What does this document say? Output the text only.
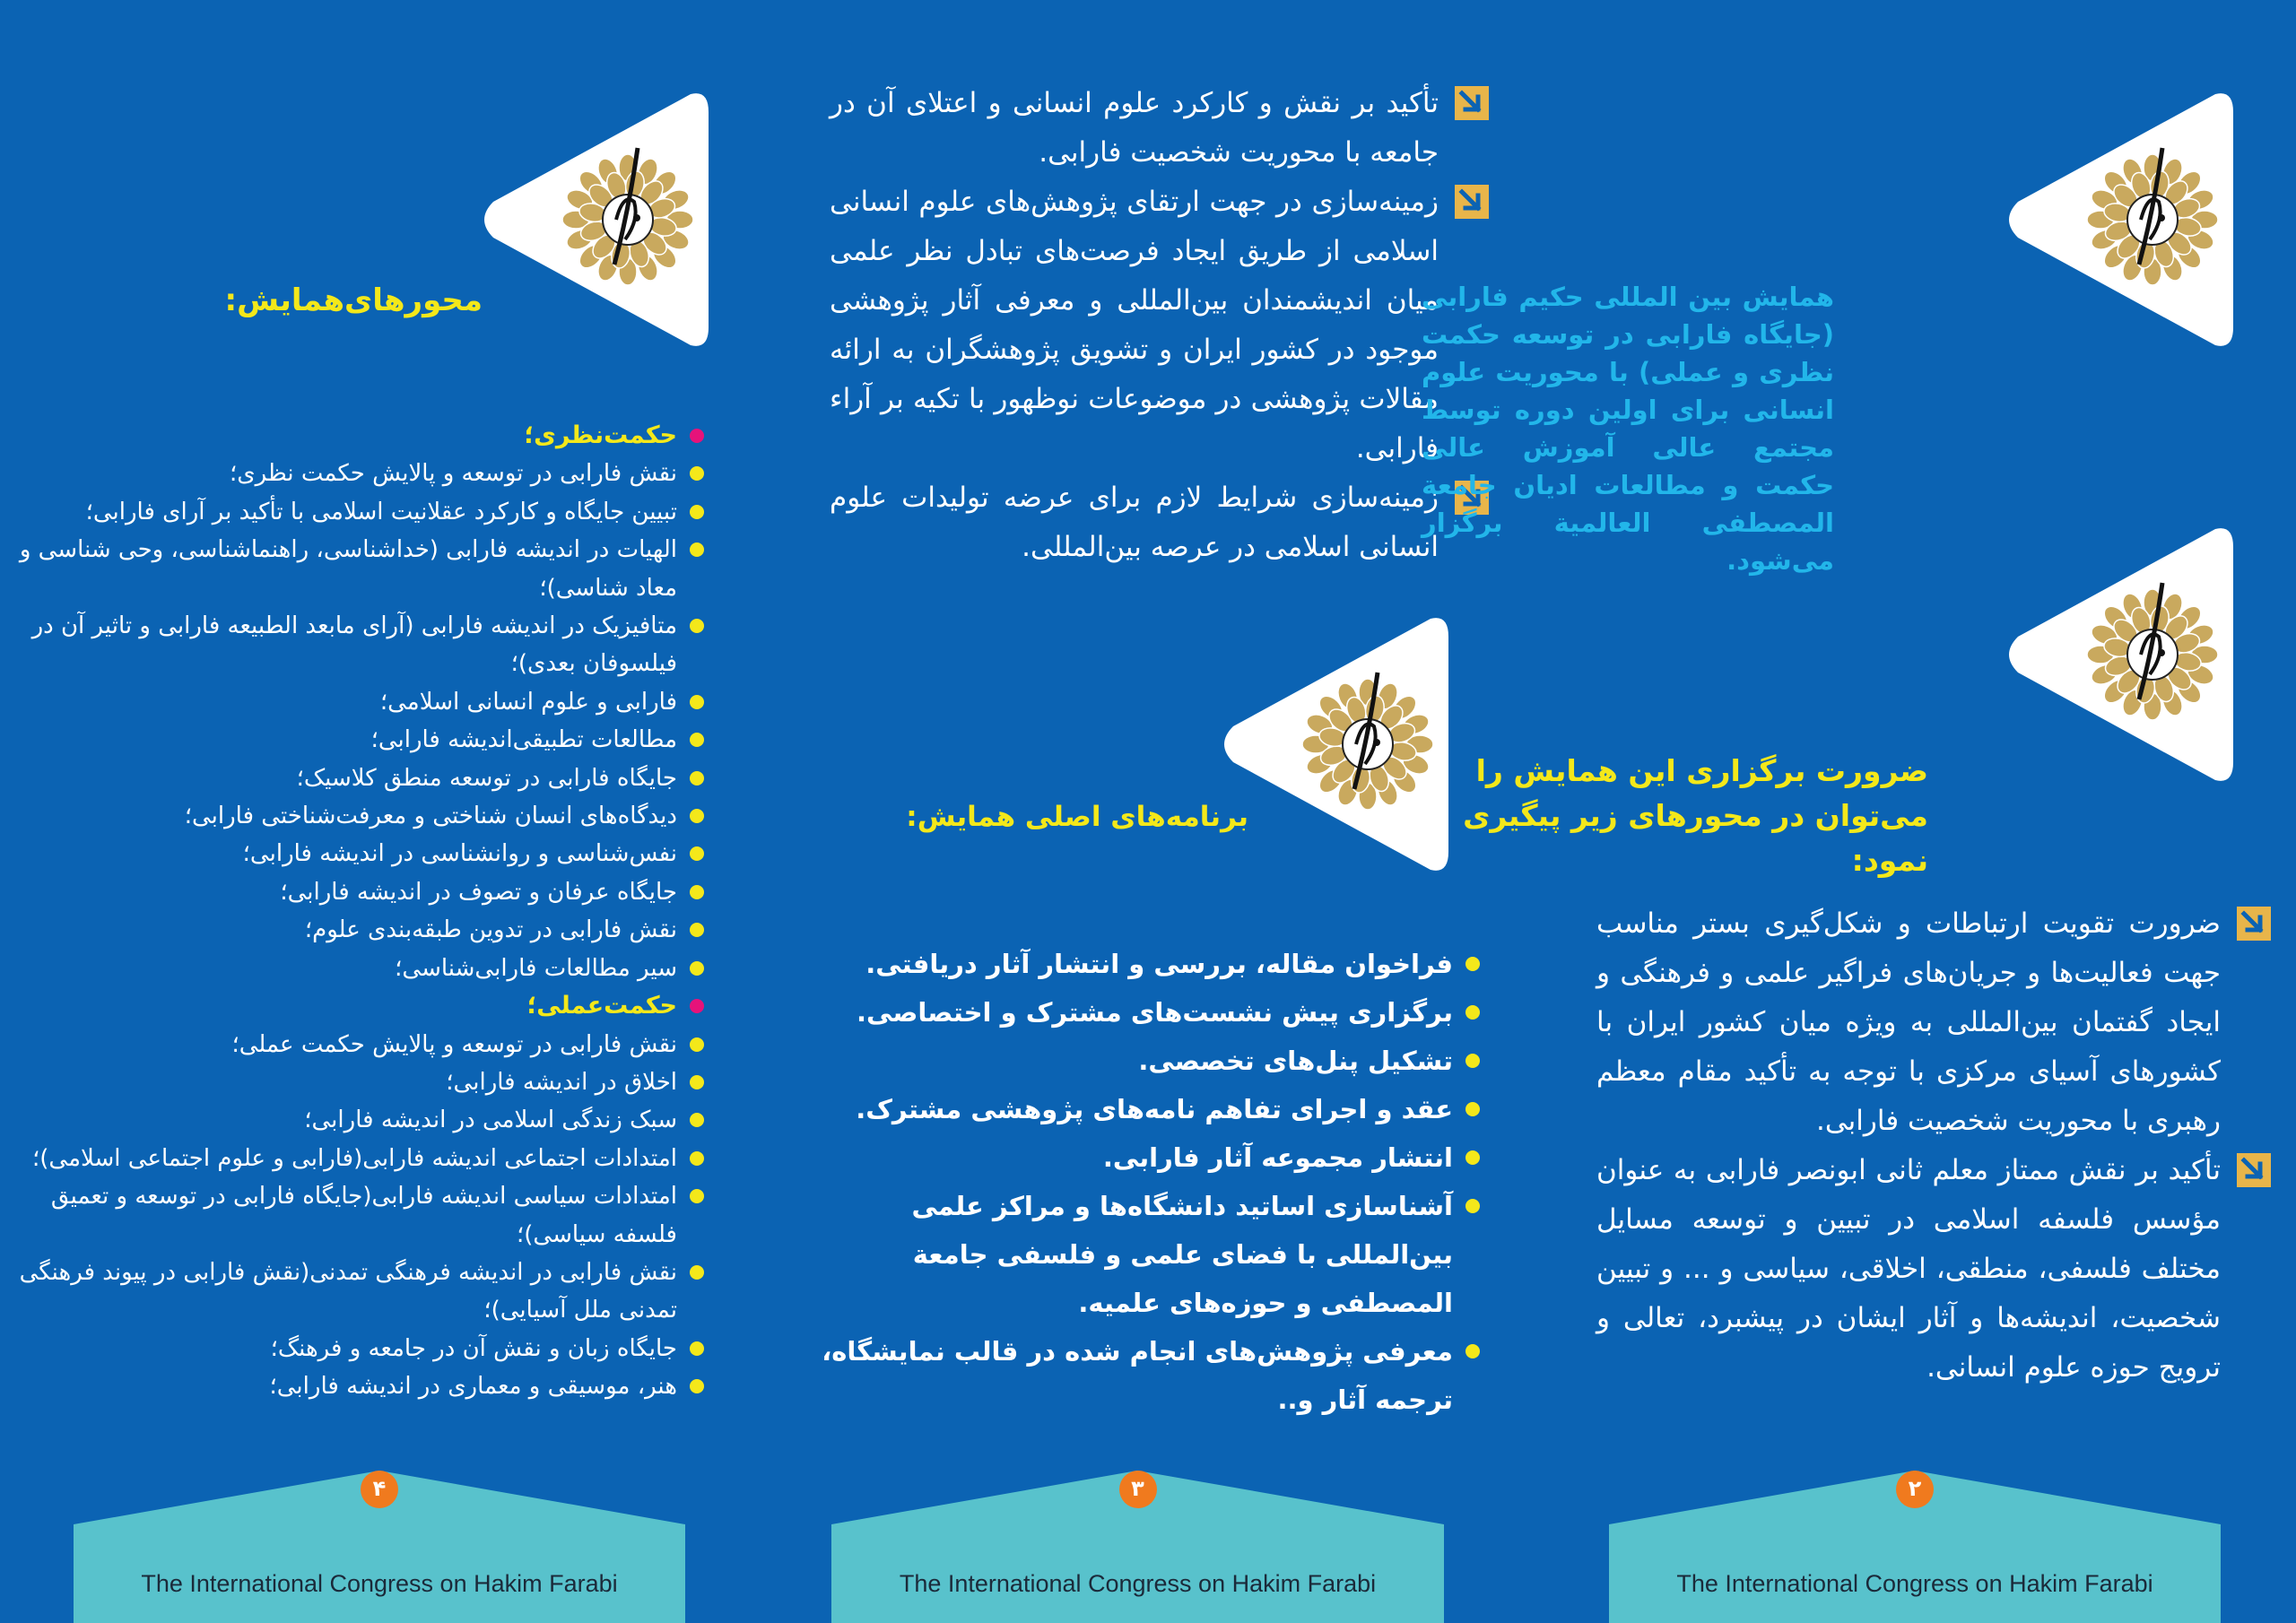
محورهای‌همایش:
حکمت‌نظری؛
نقش فارابی در توسعه و پالایش حکمت نظری؛
تبیین جایگاه و کارکرد عقلانیت اسلامی با تأکید بر آرای فارابی؛
الهیات در اندیشه فارابی (خداشناسی، راهنماشناسی، وحی شناسی و معاد شناسی)؛
متافیزیک در اندیشه فارابی (آرای مابعد الطبیعه فارابی و تاثیر آن در فیلسوفان بعدی)؛
فارابی و علوم انسانی اسلامی؛
مطالعات تطبیقی‌اندیشه فارابی؛
جایگاه فارابی در توسعه منطق کلاسیک؛
دیدگاه‌های انسان شناختی و معرفت‌شناختی فارابی؛
نفس‌شناسی و روانشناسی در اندیشه فارابی؛
جایگاه عرفان و تصوف در اندیشه فارابی؛
نقش فارابی در تدوین طبقه‌بندی علوم؛
سیر مطالعات فارابی‌شناسی؛
حکمت‌عملی؛
نقش فارابی در توسعه و پالایش حکمت عملی؛
اخلاق در اندیشه فارابی؛
سبک زندگی اسلامی در اندیشه فارابی؛
امتدادات اجتماعی اندیشه فارابی(فارابی و علوم اجتماعی اسلامی)؛
امتدادات سیاسی اندیشه فارابی(جایگاه فارابی در توسعه و تعمیق فلسفه سیاسی)؛
نقش فارابی در اندیشه فرهنگی تمدنی(نقش فارابی در پیوند فرهنگی تمدنی ملل آسیایی)؛
جایگاه زبان و نقش آن در جامعه و فرهنگ؛
هنر، موسیقی و معماری در اندیشه فارابی؛
۴
The International Congress on Hakim Farabi
تأکید بر نقش و کارکرد علوم انسانی و اعتلای آن در جامعه با محوریت شخصیت فارابی.
زمینه‌سازی در جهت ارتقای پژوهش‌های علوم انسانی اسلامی از طریق ایجاد فرصت‌های تبادل نظر علمی میان اندیشمندان بین‌المللی و معرفی آثار پژوهشی موجود در کشور ایران و تشویق پژوهشگران به ارائه مقالات پژوهشی در موضوعات نوظهور با تکیه بر آراء فارابی.
زمینه‌سازی شرایط لازم برای عرضه تولیدات علوم انسانی اسلامی در عرصه بین‌المللی.
برنامه‌های اصلی همایش:
فراخوان مقاله، بررسی و انتشار آثار دریافتی.
برگزاری پیش نشست‌های مشترک و اختصاصی.
تشکیل پنل‌های تخصصی.
عقد و اجرای تفاهم نامه‌های پژوهشی مشترک.
انتشار مجموعه آثار فارابی.
آشناسازی اساتید دانشگاه‌ها و مراکز علمی بین‌المللی با فضای علمی و فلسفی جامعة المصطفی و حوزه‌های علمیه.
معرفی پژوهش‌های انجام شده در قالب نمایشگاه، ترجمه آثار و..
۳
The International Congress on Hakim Farabi
همایش بین المللی حکیم فارابی (جایگاه فارابی در توسعه حکمت نظری و عملی) با محوریت علوم انسانی برای اولین دوره توسط مجتمع عالی آموزش عالی حکمت و مطالعات ادیان جامعة المصطفی العالمیة برگزار می‌شود.
ضرورت برگزاری این همایش را می‌توان در محورهای زیر پیگیری نمود:
ضرورت تقویت ارتباطات و شکل‌گیری بستر مناسب جهت فعالیت‌ها و جریان‌های فراگیر علمی و فرهنگی و ایجاد گفتمان بین‌المللی به ویژه میان کشور ایران با کشورهای آسیای مرکزی با توجه به تأکید مقام معظم رهبری با محوریت شخصیت فارابی.
تأکید بر نقش ممتاز معلم ثانی ابونصر فارابی به عنوان مؤسس فلسفه اسلامی در تبیین و توسعه مسایل مختلف فلسفی، منطقی، اخلاقی، سیاسی و ... و تبیین شخصیت، اندیشه‌ها و آثار ایشان در پیشبرد، تعالی و ترویج حوزه علوم انسانی.
۲
The International Congress on Hakim Farabi
